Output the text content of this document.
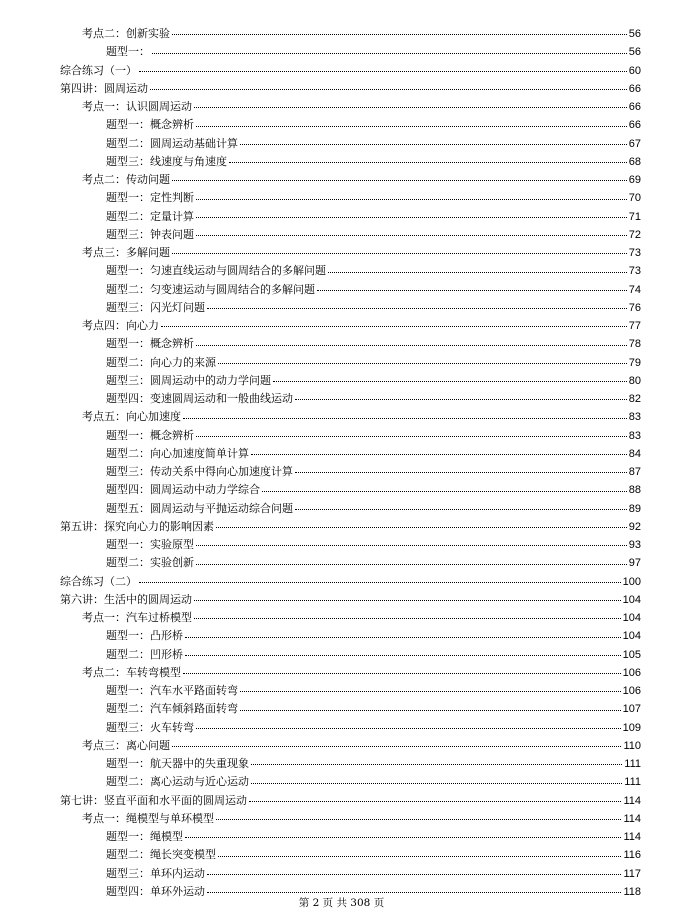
考点二：创新实验	56
题型一：	56
综合练习（一）	60
第四讲：圆周运动	66
考点一：认识圆周运动	66
题型一：概念辨析	66
题型二：圆周运动基础计算	67
题型三：线速度与角速度	68
考点二：传动问题	69
题型一：定性判断	70
题型二：定量计算	71
题型三：钟表问题	72
考点三：多解问题	73
题型一：匀速直线运动与圆周结合的多解问题	73
题型二：匀变速运动与圆周结合的多解问题	74
题型三：闪光灯问题	76
考点四：向心力	77
题型一：概念辨析	78
题型二：向心力的来源	79
题型三：圆周运动中的动力学问题	80
题型四：变速圆周运动和一般曲线运动	82
考点五：向心加速度	83
题型一：概念辨析	83
题型二：向心加速度简单计算	84
题型三：传动关系中得向心加速度计算	87
题型四：圆周运动中动力学综合	88
题型五：圆周运动与平抛运动综合问题	89
第五讲：探究向心力的影响因素	92
题型一：实验原型	93
题型二：实验创新	97
综合练习（二）	100
第六讲：生活中的圆周运动	104
考点一：汽车过桥模型	104
题型一：凸形桥	104
题型二：凹形桥	105
考点二：车转弯模型	106
题型一：汽车水平路面转弯	106
题型二：汽车倾斜路面转弯	107
题型三：火车转弯	109
考点三：离心问题	110
题型一：航天器中的失重现象	111
题型二：离心运动与近心运动	111
第七讲：竖直平面和水平面的圆周运动	114
考点一：绳模型与单环模型	114
题型一：绳模型	114
题型二：绳长突变模型	116
题型三：单环内运动	117
题型四：单环外运动	118
第 2 页 共 308 页
